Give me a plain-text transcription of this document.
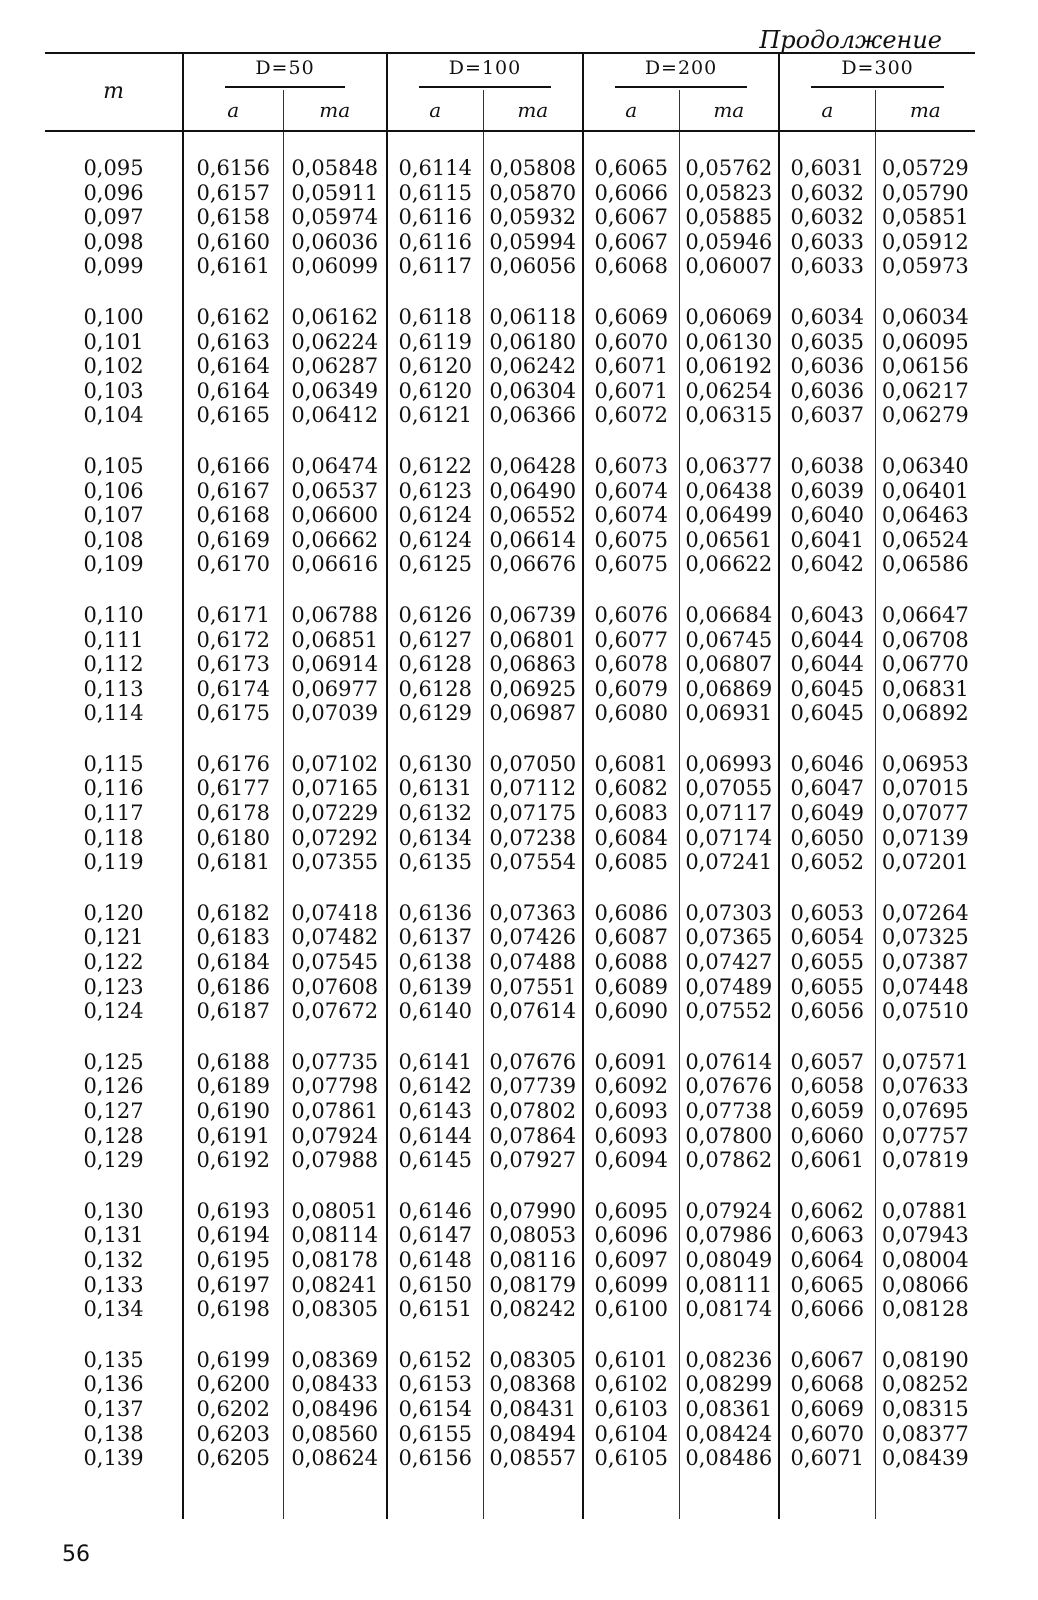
Продолжение
m	D=50		D=100		D=200		D=300	
	a	ma	a	ma	a	ma	a	ma

0,095	0,6156	0,05848	0,6114	0,05808	0,6065	0,05762	0,6031	0,05729
0,096	0,6157	0,05911	0,6115	0,05870	0,6066	0,05823	0,6032	0,05790
0,097	0,6158	0,05974	0,6116	0,05932	0,6067	0,05885	0,6032	0,05851
0,098	0,6160	0,06036	0,6116	0,05994	0,6067	0,05946	0,6033	0,05912
0,099	0,6161	0,06099	0,6117	0,06056	0,6068	0,06007	0,6033	0,05973

0,100	0,6162	0,06162	0,6118	0,06118	0,6069	0,06069	0,6034	0,06034
0,101	0,6163	0,06224	0,6119	0,06180	0,6070	0,06130	0,6035	0,06095
0,102	0,6164	0,06287	0,6120	0,06242	0,6071	0,06192	0,6036	0,06156
0,103	0,6164	0,06349	0,6120	0,06304	0,6071	0,06254	0,6036	0,06217
0,104	0,6165	0,06412	0,6121	0,06366	0,6072	0,06315	0,6037	0,06279

0,105	0,6166	0,06474	0,6122	0,06428	0,6073	0,06377	0,6038	0,06340
0,106	0,6167	0,06537	0,6123	0,06490	0,6074	0,06438	0,6039	0,06401
0,107	0,6168	0,06600	0,6124	0,06552	0,6074	0,06499	0,6040	0,06463
0,108	0,6169	0,06662	0,6124	0,06614	0,6075	0,06561	0,6041	0,06524
0,109	0,6170	0,06616	0,6125	0,06676	0,6075	0,06622	0,6042	0,06586

0,110	0,6171	0,06788	0,6126	0,06739	0,6076	0,06684	0,6043	0,06647
0,111	0,6172	0,06851	0,6127	0,06801	0,6077	0,06745	0,6044	0,06708
0,112	0,6173	0,06914	0,6128	0,06863	0,6078	0,06807	0,6044	0,06770
0,113	0,6174	0,06977	0,6128	0,06925	0,6079	0,06869	0,6045	0,06831
0,114	0,6175	0,07039	0,6129	0,06987	0,6080	0,06931	0,6045	0,06892

0,115	0,6176	0,07102	0,6130	0,07050	0,6081	0,06993	0,6046	0,06953
0,116	0,6177	0,07165	0,6131	0,07112	0,6082	0,07055	0,6047	0,07015
0,117	0,6178	0,07229	0,6132	0,07175	0,6083	0,07117	0,6049	0,07077
0,118	0,6180	0,07292	0,6134	0,07238	0,6084	0,07174	0,6050	0,07139
0,119	0,6181	0,07355	0,6135	0,07554	0,6085	0,07241	0,6052	0,07201

0,120	0,6182	0,07418	0,6136	0,07363	0,6086	0,07303	0,6053	0,07264
0,121	0,6183	0,07482	0,6137	0,07426	0,6087	0,07365	0,6054	0,07325
0,122	0,6184	0,07545	0,6138	0,07488	0,6088	0,07427	0,6055	0,07387
0,123	0,6186	0,07608	0,6139	0,07551	0,6089	0,07489	0,6055	0,07448
0,124	0,6187	0,07672	0,6140	0,07614	0,6090	0,07552	0,6056	0,07510

0,125	0,6188	0,07735	0,6141	0,07676	0,6091	0,07614	0,6057	0,07571
0,126	0,6189	0,07798	0,6142	0,07739	0,6092	0,07676	0,6058	0,07633
0,127	0,6190	0,07861	0,6143	0,07802	0,6093	0,07738	0,6059	0,07695
0,128	0,6191	0,07924	0,6144	0,07864	0,6093	0,07800	0,6060	0,07757
0,129	0,6192	0,07988	0,6145	0,07927	0,6094	0,07862	0,6061	0,07819

0,130	0,6193	0,08051	0,6146	0,07990	0,6095	0,07924	0,6062	0,07881
0,131	0,6194	0,08114	0,6147	0,08053	0,6096	0,07986	0,6063	0,07943
0,132	0,6195	0,08178	0,6148	0,08116	0,6097	0,08049	0,6064	0,08004
0,133	0,6197	0,08241	0,6150	0,08179	0,6099	0,08111	0,6065	0,08066
0,134	0,6198	0,08305	0,6151	0,08242	0,6100	0,08174	0,6066	0,08128

0,135	0,6199	0,08369	0,6152	0,08305	0,6101	0,08236	0,6067	0,08190
0,136	0,6200	0,08433	0,6153	0,08368	0,6102	0,08299	0,6068	0,08252
0,137	0,6202	0,08496	0,6154	0,08431	0,6103	0,08361	0,6069	0,08315
0,138	0,6203	0,08560	0,6155	0,08494	0,6104	0,08424	0,6070	0,08377
0,139	0,6205	0,08624	0,6156	0,08557	0,6105	0,08486	0,6071	0,08439

56
